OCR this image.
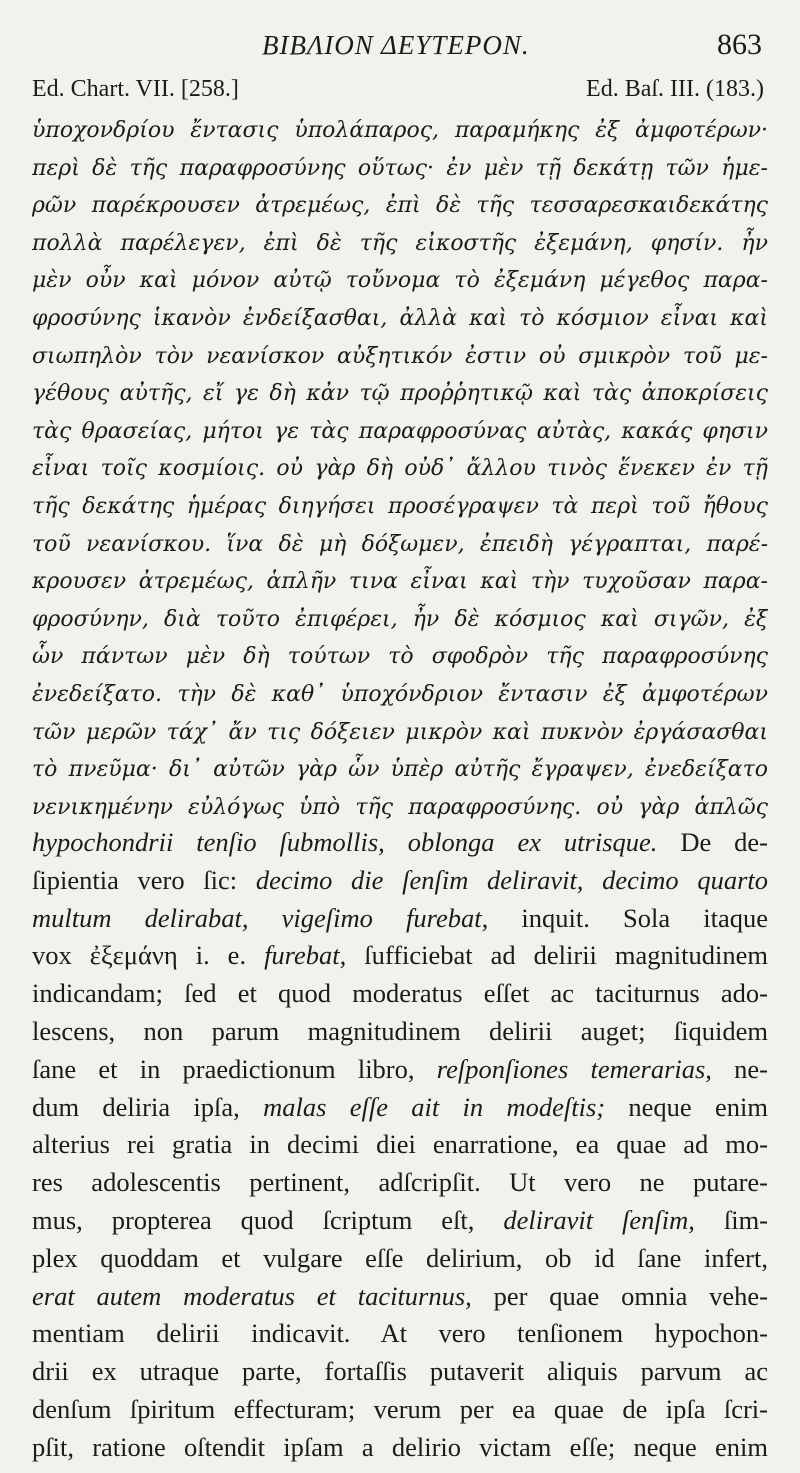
ΒΙΒΛΙΟΝ ΔΕΥΤΕΡΟΝ.	863
Ed. Chart. VII. [258.]	Ed. Baſ. III. (183.)
ὑποχονδρίου ἔντασις ὑπολάπαρος, παραμήκης ἐξ ἀμφοτέρων·
περὶ δὲ τῆς παραφροσύνης οὕτως· ἐν μὲν τῇ δεκάτῃ τῶν ἡμε-
ρῶν παρέκρουσεν ἀτρεμέως, ἐπὶ δὲ τῆς τεσσαρεσκαιδεκάτης
πολλὰ παρέλεγεν, ἐπὶ δὲ τῆς εἰκοστῆς ἐξεμάνη, φησίν. ἦν
μὲν οὖν καὶ μόνον αὐτῷ τοὔνομα τὸ ἐξεμάνη μέγεθος παρα-
φροσύνης ἱκανὸν ἐνδείξασθαι, ἀλλὰ καὶ τὸ κόσμιον εἶναι καὶ
σιωπηλὸν τὸν νεανίσκον αὐξητικόν ἐστιν οὐ σμικρὸν τοῦ με-
γέθους αὐτῆς, εἴ γε δὴ κἀν τῷ προῤῥητικῷ καὶ τὰς ἀποκρίσεις
τὰς θρασείας, μήτοι γε τὰς παραφροσύνας αὐτὰς, κακάς φησιν
εἶναι τοῖς κοσμίοις. οὐ γὰρ δὴ οὐδ᾽ ἄλλου τινὸς ἕνεκεν ἐν τῇ
τῆς δεκάτης ἡμέρας διηγήσει προσέγραψεν τὰ περὶ τοῦ ἤθους
τοῦ νεανίσκου. ἵνα δὲ μὴ δόξωμεν, ἐπειδὴ γέγραπται, παρέ-
κρουσεν ἀτρεμέως, ἁπλῆν τινα εἶναι καὶ τὴν τυχοῦσαν παρα-
φροσύνην, διὰ τοῦτο ἐπιφέρει, ἦν δὲ κόσμιος καὶ σιγῶν, ἐξ
ὧν πάντων μὲν δὴ τούτων τὸ σφοδρὸν τῆς παραφροσύνης
ἐνεδείξατο. τὴν δὲ καθ᾽ ὑποχόνδριον ἔντασιν ἐξ ἀμφοτέρων
τῶν μερῶν τάχ᾽ ἄν τις δόξειεν μικρὸν καὶ πυκνὸν ἐργάσασθαι
τὸ πνεῦμα· δι᾽ αὐτῶν γὰρ ὧν ὑπὲρ αὐτῆς ἔγραψεν, ἐνεδείξατο
νενικημένην εὐλόγως ὑπὸ τῆς παραφροσύνης. οὐ γὰρ ἁπλῶς
hypochondrii tenſio ſubmollis, oblonga ex utrisque. De de-
ſipientia vero ſic: decimo die ſenſim deliravit, decimo quarto
multum delirabat, vigeſimo furebat, inquit. Sola itaque
vox ἐξεμάνη i. e. furebat, ſufficiebat ad delirii magnitudinem
indicandam; ſed et quod moderatus eſſet ac taciturnus ado-
lescens, non parum magnitudinem delirii auget; ſiquidem
ſane et in praedictionum libro, reſponſiones temerarias, ne-
dum deliria ipſa, malas eſſe ait in modeſtis; neque enim
alterius rei gratia in decimi diei enarratione, ea quae ad mo-
res adolescentis pertinent, adſcripſit. Ut vero ne putare-
mus, propterea quod ſcriptum eſt, deliravit ſenſim, ſim-
plex quoddam et vulgare eſſe delirium, ob id ſane infert,
erat autem moderatus et taciturnus, per quae omnia vehe-
mentiam delirii indicavit. At vero tenſionem hypochon-
drii ex utraque parte, fortaſſis putaverit aliquis parvum ac
denſum ſpiritum effecturam; verum per ea quae de ipſa ſcri-
pſit, ratione oſtendit ipſam a delirio victam eſſe; neque enim
